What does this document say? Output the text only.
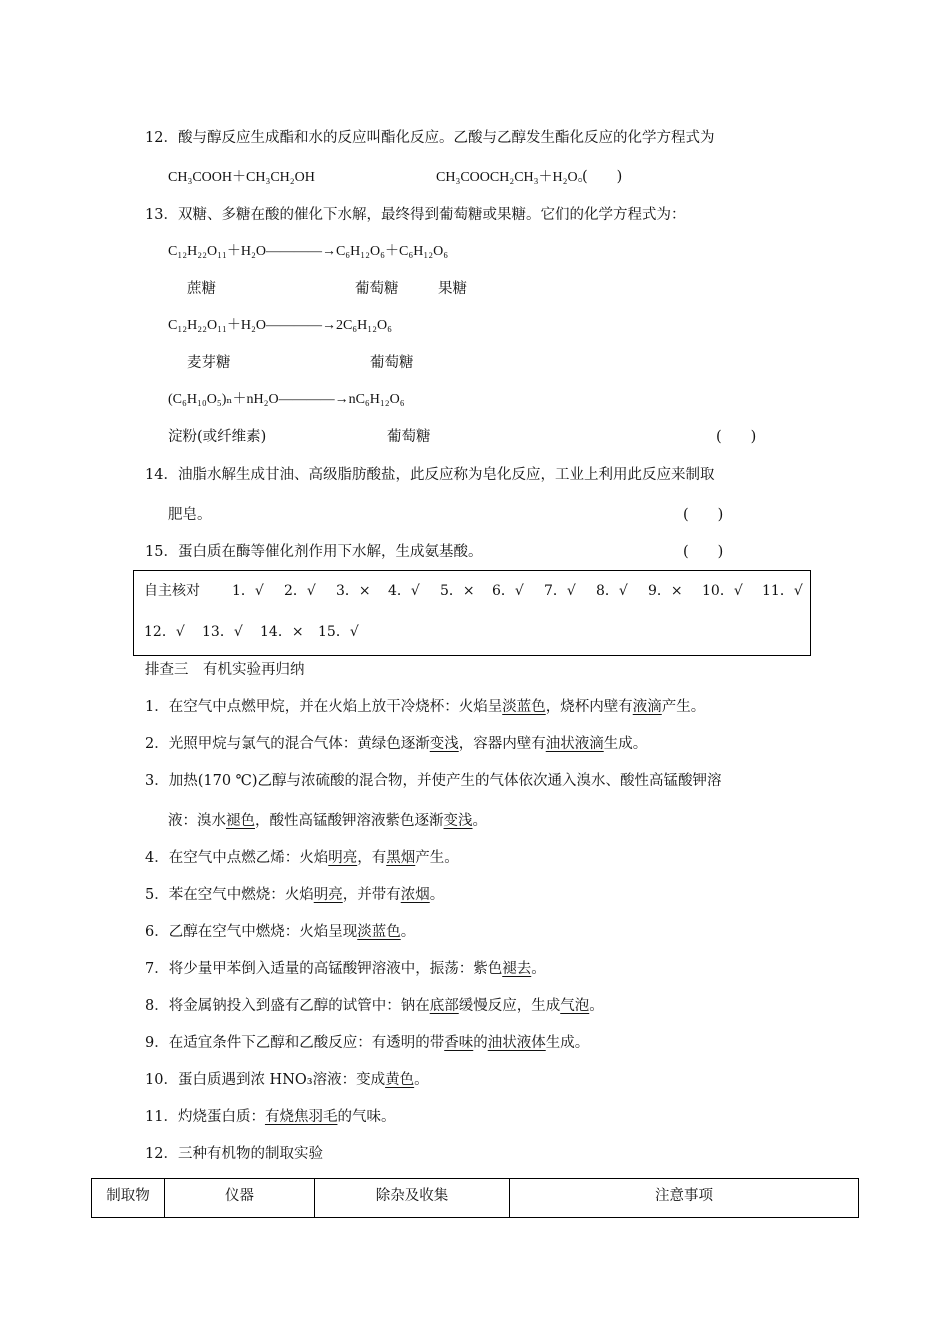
12．酸与醇反应生成酯和水的反应叫酯化反应。乙酸与乙醇发生酯化反应的化学方程式为
CH₃COOH＋CH₃CH₂OH	CH₃COOCH₂CH₃＋H₂O。
(　　)
13．双糖、多糖在酸的催化下水解，最终得到葡萄糖或果糖。它们的化学方程式为：
C₁₂H₂₂O₁₁＋H₂O————→C₆H₁₂O₆＋C₆H₁₂O₆
蔗糖	葡萄糖	果糖
C₁₂H₂₂O₁₁＋H₂O————→2C₆H₁₂O₆
麦芽糖	葡萄糖
(C₆H₁₀O₅)ₙ＋nH₂O————→nC₆H₁₂O₆
淀粉(或纤维素)	葡萄糖	(　　)
14．油脂水解生成甘油、高级脂肪酸盐，此反应称为皂化反应，工业上利用此反应来制取
肥皂。	(　　)
15．蛋白质在酶等催化剂作用下水解，生成氨基酸。	(　　)
自主核对 1．√ 2．√ 3．× 4．√ 5．× 6．√ 7．√ 8．√ 9．× 10．√ 11．√
12．√ 13．√ 14．× 15．√
排查三　有机实验再归纳
1．在空气中点燃甲烷，并在火焰上放干冷烧杯：火焰呈淡蓝色，烧杯内壁有液滴产生。
2．光照甲烷与氯气的混合气体：黄绿色逐渐变浅，容器内壁有油状液滴生成。
3．加热(170 ℃)乙醇与浓硫酸的混合物，并使产生的气体依次通入溴水、酸性高锰酸钾溶
液：溴水褪色，酸性高锰酸钾溶液紫色逐渐变浅。
4．在空气中点燃乙烯：火焰明亮，有黑烟产生。
5．苯在空气中燃烧：火焰明亮，并带有浓烟。
6．乙醇在空气中燃烧：火焰呈现淡蓝色。
7．将少量甲苯倒入适量的高锰酸钾溶液中，振荡：紫色褪去。
8．将金属钠投入到盛有乙醇的试管中：钠在底部缓慢反应，生成气泡。
9．在适宜条件下乙醇和乙酸反应：有透明的带香味的油状液体生成。
10．蛋白质遇到浓 HNO₃溶液：变成黄色。
11．灼烧蛋白质：有烧焦羽毛的气味。
12．三种有机物的制取实验
制取物	仪器	除杂及收集	注意事项
